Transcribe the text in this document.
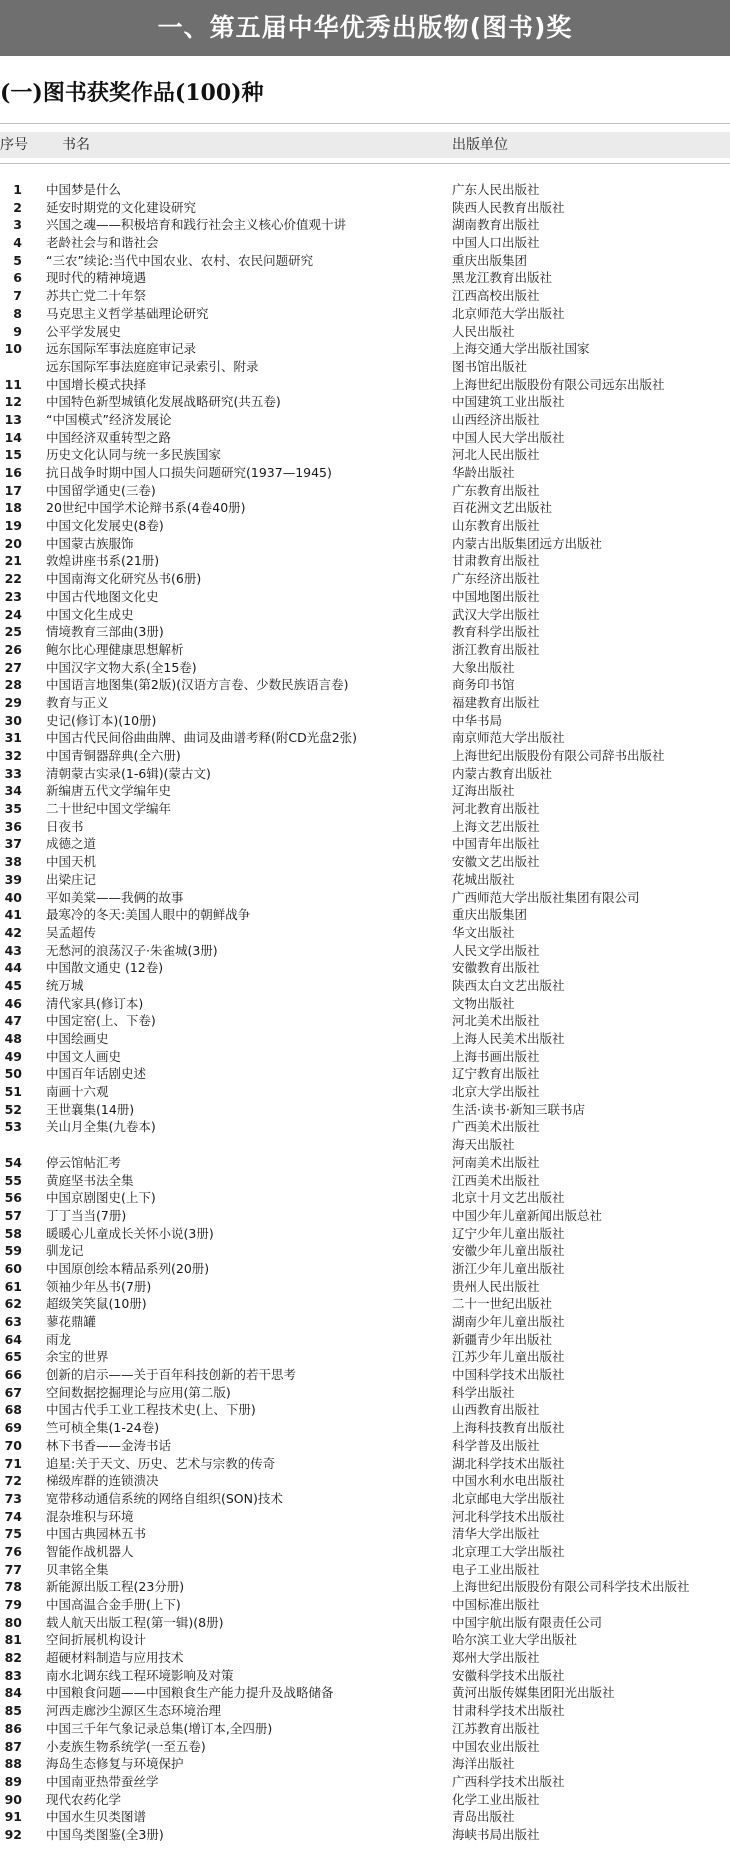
一、第五届中华优秀出版物(图书)奖
(一)图书获奖作品(100)种
序号 书名	出版单位
1 中国梦是什么	广东人民出版社
2 延安时期党的文化建设研究	陕西人民教育出版社
3 兴国之魂——积极培育和践行社会主义核心价值观十讲	湖南教育出版社
4 老龄社会与和谐社会	中国人口出版社
5 “三农”续论:当代中国农业、农村、农民问题研究	重庆出版集团
6 现时代的精神境遇	黑龙江教育出版社
7 苏共亡党二十年祭	江西高校出版社
8 马克思主义哲学基础理论研究	北京师范大学出版社
9 公平学发展史	人民出版社
10 远东国际军事法庭庭审记录	上海交通大学出版社国家
远东国际军事法庭庭审记录索引、附录	图书馆出版社
11 中国增长模式抉择	上海世纪出版股份有限公司远东出版社
12 中国特色新型城镇化发展战略研究(共五卷)	中国建筑工业出版社
13 “中国模式”经济发展论	山西经济出版社
14 中国经济双重转型之路	中国人民大学出版社
15 历史文化认同与统一多民族国家	河北人民出版社
16 抗日战争时期中国人口损失问题研究(1937—1945)	华龄出版社
17 中国留学通史(三卷)	广东教育出版社
18 20世纪中国学术论辩书系(4卷40册)	百花洲文艺出版社
19 中国文化发展史(8卷)	山东教育出版社
20 中国蒙古族服饰	内蒙古出版集团远方出版社
21 敦煌讲座书系(21册)	甘肃教育出版社
22 中国南海文化研究丛书(6册)	广东经济出版社
23 中国古代地图文化史	中国地图出版社
24 中国文化生成史	武汉大学出版社
25 情境教育三部曲(3册)	教育科学出版社
26 鲍尔比心理健康思想解析	浙江教育出版社
27 中国汉字文物大系(全15卷)	大象出版社
28 中国语言地图集(第2版)(汉语方言卷、少数民族语言卷)	商务印书馆
29 教育与正义	福建教育出版社
30 史记(修订本)(10册)	中华书局
31 中国古代民间俗曲曲牌、曲词及曲谱考释(附CD光盘2张)	南京师范大学出版社
32 中国青铜器辞典(全六册)	上海世纪出版股份有限公司辞书出版社
33 清朝蒙古实录(1-6辑)(蒙古文)	内蒙古教育出版社
34 新编唐五代文学编年史	辽海出版社
35 二十世纪中国文学编年	河北教育出版社
36 日夜书	上海文艺出版社
37 成德之道	中国青年出版社
38 中国天机	安徽文艺出版社
39 出梁庄记	花城出版社
40 平如美棠——我俩的故事	广西师范大学出版社集团有限公司
41 最寒冷的冬天:美国人眼中的朝鲜战争	重庆出版集团
42 吴孟超传	华文出版社
43 无愁河的浪荡汉子·朱雀城(3册)	人民文学出版社
44 中国散文通史 (12卷)	安徽教育出版社
45 统万城	陕西太白文艺出版社
46 清代家具(修订本)	文物出版社
47 中国定窑(上、下卷)	河北美术出版社
48 中国绘画史	上海人民美术出版社
49 中国文人画史	上海书画出版社
50 中国百年话剧史述	辽宁教育出版社
51 南画十六观	北京大学出版社
52 王世襄集(14册)	生活·读书·新知三联书店
53 关山月全集(九卷本)	广西美术出版社
海天出版社
54 停云馆帖汇考	河南美术出版社
55 黄庭坚书法全集	江西美术出版社
56 中国京剧图史(上下)	北京十月文艺出版社
57 丁丁当当(7册)	中国少年儿童新闻出版总社
58 暖暖心儿童成长关怀小说(3册)	辽宁少年儿童出版社
59 驯龙记	安徽少年儿童出版社
60 中国原创绘本精品系列(20册)	浙江少年儿童出版社
61 领袖少年丛书(7册)	贵州人民出版社
62 超级笑笑鼠(10册)	二十一世纪出版社
63 蓼花鼎罐	湖南少年儿童出版社
64 雨龙	新疆青少年出版社
65 余宝的世界	江苏少年儿童出版社
66 创新的启示——关于百年科技创新的若干思考	中国科学技术出版社
67 空间数据挖掘理论与应用(第二版)	科学出版社
68 中国古代手工业工程技术史(上、下册)	山西教育出版社
69 竺可桢全集(1-24卷)	上海科技教育出版社
70 林下书香——金涛书话	科学普及出版社
71 追星:关于天文、历史、艺术与宗教的传奇	湖北科学技术出版社
72 梯级库群的连锁溃决	中国水利水电出版社
73 宽带移动通信系统的网络自组织(SON)技术	北京邮电大学出版社
74 混杂堆积与环境	河北科学技术出版社
75 中国古典园林五书	清华大学出版社
76 智能作战机器人	北京理工大学出版社
77 贝聿铭全集	电子工业出版社
78 新能源出版工程(23分册)	上海世纪出版股份有限公司科学技术出版社
79 中国高温合金手册(上下)	中国标准出版社
80 载人航天出版工程(第一辑)(8册)	中国宇航出版有限责任公司
81 空间折展机构设计	哈尔滨工业大学出版社
82 超硬材料制造与应用技术	郑州大学出版社
83 南水北调东线工程环境影响及对策	安徽科学技术出版社
84 中国粮食问题——中国粮食生产能力提升及战略储备	黄河出版传媒集团阳光出版社
85 河西走廊沙尘源区生态环境治理	甘肃科学技术出版社
86 中国三千年气象记录总集(增订本,全四册)	江苏教育出版社
87 小麦族生物系统学(一至五卷)	中国农业出版社
88 海岛生态修复与环境保护	海洋出版社
89 中国南亚热带蚕丝学	广西科学技术出版社
90 现代农药化学	化学工业出版社
91 中国水生贝类图谱	青岛出版社
92 中国鸟类图鉴(全3册)	海峡书局出版社
